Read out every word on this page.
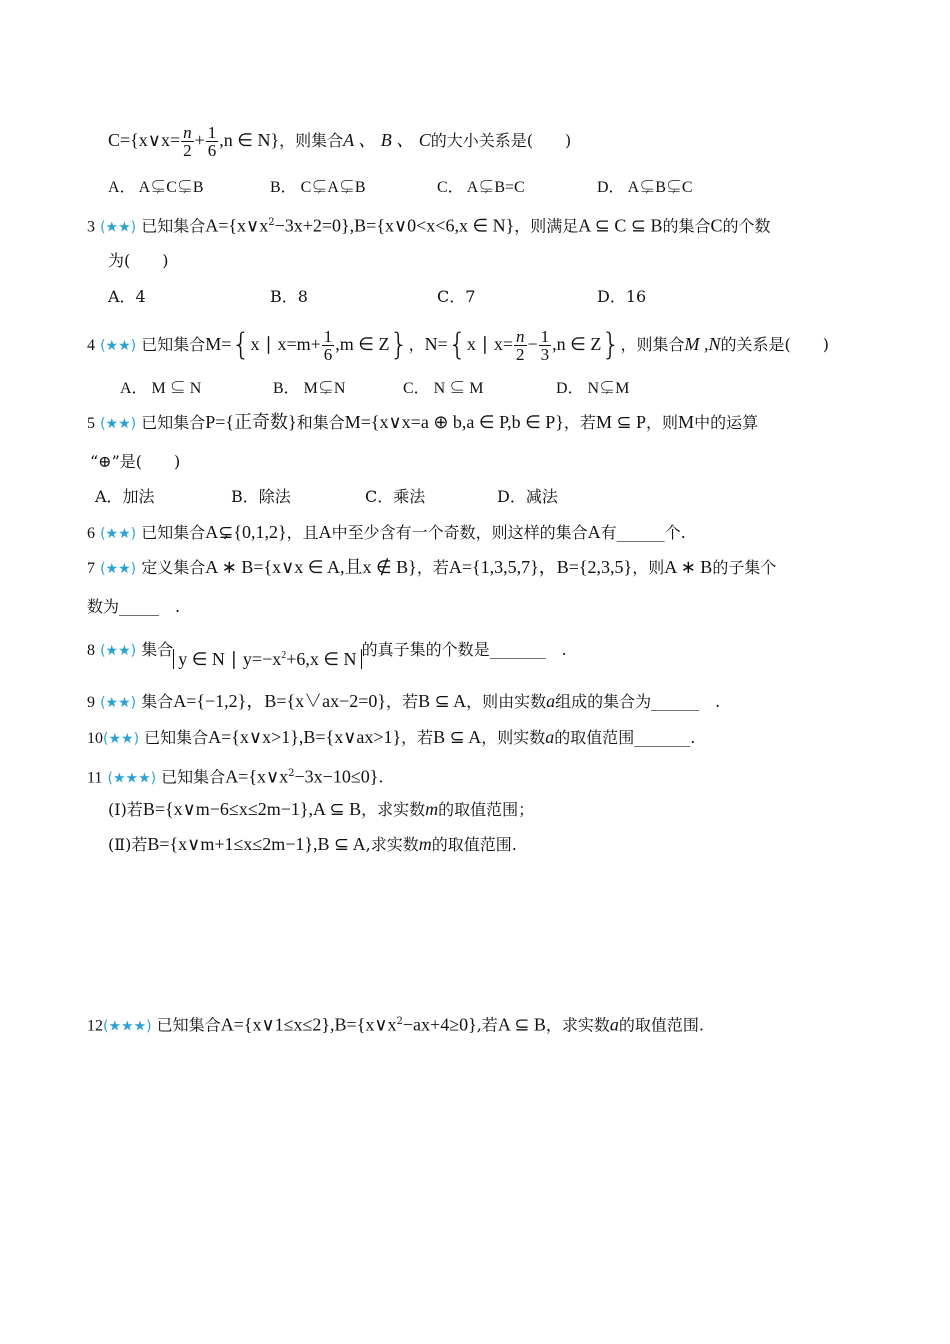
C={x∨x= $\frac{n}{2} + \frac{1}{6} ,n$ ∈ N}，则集合A 、 B 、 C的大小关系是(　　)
A． A⊊C⊊B	B． C⊊A⊊B	C． A⊊B=C	D． A⊊B⊊C
3 (★★) 已知集合$A=\{x\vee x^2-3x+2=0\},B=\{x\vee 0<x<6,x$ ∈ N}，则满足A ⊆ C ⊆ B的集合C的个数
为(　　)
A．4	B．8	C．7	D．16
4 (★★) 已知集合M={x ∣ $x=m+ \frac{1}{6} ,m$ ∈ Z}，N={x ∣ $x= \frac{n}{2} - \frac{1}{3} ,n$ ∈ Z}，则集合M ,N的关系是(　　)
A． M ⊆ N	B． M⊊N	C． N ⊆ M	D． N⊊M
5 (★★) 已知集合P={正奇数}和集合M={x∨x=a ⊕ b,a ∈ P,b ∈ P}，若M ⊆ P，则M中的运算
“⊕”是(　　)
A．加法	B．除法	C．乘法	D．减法
6 (★★) 已知集合A⊊{0,1,2}，且A中至少含有一个奇数，则这样的集合A有______个.
7 (★★) 定义集合A ∗ B={x∨x ∈ A,且x ∉ B}，若A={1,3,5,7}，B={2,3,5}，则A ∗ B的子集个
数为_____　.
8 (★★) 集合 y ∈ N ∣ $y=-x^2+6,x$ ∈ N 的真子集的个数是_______　.
9 (★★) 集合A={−1,2}，B={x∨ax−2=0}，若B ⊆ A，则由实数a组成的集合为______　.
10(★★) 已知集合A={x∨x>1},B={x∨ax>1}，若B ⊆ A，则实数a的取值范围_______.
11 (★★★) 已知集合$A=\{x\vee x^2-3x-10\le 0\}$.
(Ⅰ)若B={x∨m−6≤x≤2m−1},A ⊆ B，求实数m的取值范围；
(Ⅱ)若B={x∨m+1≤x≤2m−1},B ⊆ A,求实数m的取值范围.
12(★★★) 已知集合$A=\{x\vee 1\le x\le 2\},B=\{x\vee x^2-ax+4\ge 0\}$,若A ⊆ B，求实数a的取值范围.
